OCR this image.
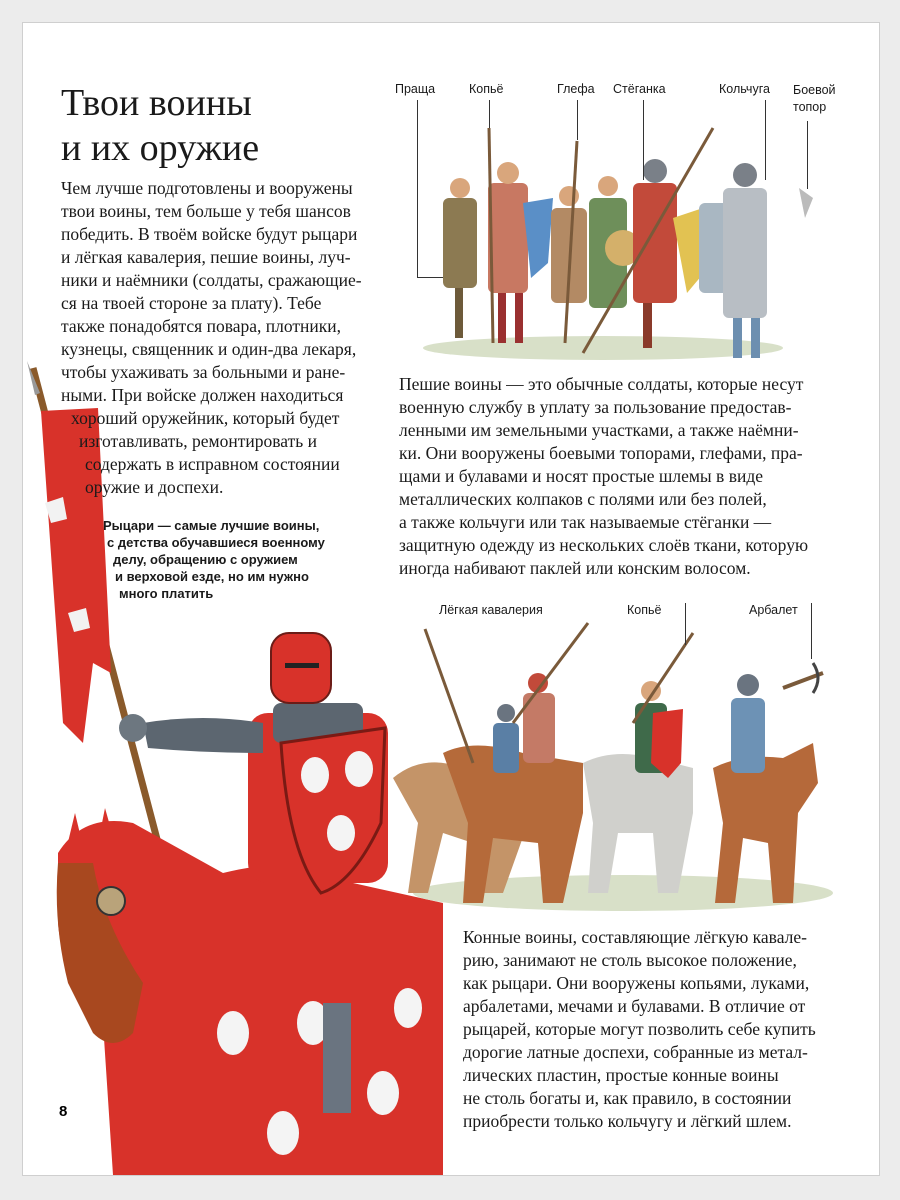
Твои воины
и их оружие
Чем лучше подготовлены и вооружены
твои воины, тем больше у тебя шансов
победить. В твоём войске будут рыцари
и лёгкая кавалерия, пешие воины, луч-
ники и наёмники (солдаты, сражающие-
ся на твоей стороне за плату). Тебе
также понадобятся повара, плотники,
кузнецы, священник и один-два лекаря,
чтобы ухаживать за больными и ране-
ными. При войске должен находиться
хороший оружейник, который будет
изготавливать, ремонтировать и
содержать в исправном состоянии
оружие и доспехи.
Рыцари — самые лучшие воины,
с детства обучавшиеся военному
делу, обращению с оружием
и верховой езде, но им нужно
много платить
Праща	Копьё	Глефа Стёганка	Кольчуга Боевой топор
Пешие воины — это обычные солдаты, которые несут
военную службу в уплату за пользование предостав-
ленными им земельными участками, а также наёмни-
ки. Они вооружены боевыми топорами, глефами, пра-
щами и булавами и носят простые шлемы в виде
металлических колпаков с полями или без полей,
а также кольчуги или так называемые стёганки —
защитную одежду из нескольких слоёв ткани, которую
иногда набивают паклей или конским волосом.
Лёгкая кавалерия	Копьё	Арбалет
Конные воины, составляющие лёгкую кавале-
рию, занимают не столь высокое положение,
как рыцари. Они вооружены копьями, луками,
арбалетами, мечами и булавами. В отличие от
рыцарей, которые могут позволить себе купить
дорогие латные доспехи, собранные из метал-
лических пластин, простые конные воины
не столь богаты и, как правило, в состоянии
приобрести только кольчугу и лёгкий шлем.
8
